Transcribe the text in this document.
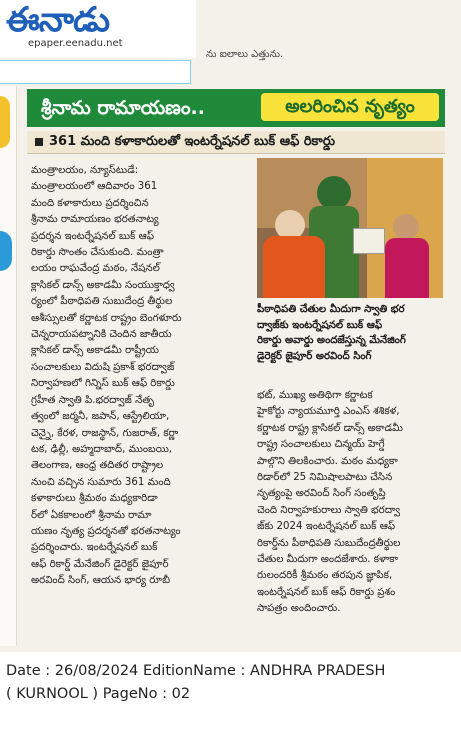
ఈనాడు
epaper.eenadu.net
ను ఐలాలు ఎత్తును.
శ్రీనామ రామాయణం..	అలరించిన నృత్యం
361 మంది కళాకారులతో ఇంటర్నేషనల్ బుక్ ఆఫ్ రికార్డు

మంత్రాలయం, న్యూస్‌టుడే:

మంత్రాలయంలో ఆదివారం 361

మంది కళాకారులు ప్రదర్శించిన

శ్రీనామ రామాయణం భరతనాట్య

ప్రదర్శన ఇంటర్నేషనల్ బుక్ ఆఫ్

రికార్డు సొంతం చేసుకుంది. మంత్రా

లయం రాఘవేంద్ర మఠం, నేషనల్

క్లాసికల్ డాన్స్ అకాడమీ సంయుక్తాధ్వ

ర్యంలో పీఠాధిపతి సుబుదేంద్ర తీర్థుల

ఆశీస్సులతో కర్ణాటక రాష్ట్రం బెంగళూరు

చెన్నరాయపట్నానికి చెందిన జాతీయ

క్లాసికల్ డాన్స్ అకాడమీ రాష్ట్రీయ

సంచాలకులు విదుషి ప్రకాశ్ భరద్వాజ్

నిర్వాహణలో గిన్నిస్ బుక్ ఆఫ్ రికార్డు

గ్రహీత స్వాతి పి.భరద్వాజ్ నేతృ

త్వంలో జర్మనీ, జపాన్, ఆస్ట్రేలియా,

చెన్నై, కేరళ, రాజస్థాన్, గుజరాత్, కర్ణా

టక, ఢిల్లీ, అహ్మదాబాద్, ముంబయి,

తెలంగాణ, ఆంధ్ర తదితర రాష్ట్రాల

నుంచి వచ్చిన సుమారు 361 మంది

కళాకారులు శ్రీమఠం మధ్యకారిడా

ర్‌లో ఏకకాలంలో శ్రీనామ రామా

యణం నృత్య ప్రదర్శనతో భరతనాట్యం

ప్రదర్శించారు. ఇంటర్నేషనల్ బుక్

ఆఫ్ రికార్డ్ మేనేజింగ్ డైరెక్టర్ జైపూర్

అరవింద్ సింగ్, ఆయన భార్య రూబీ

పీఠాధిపతి చేతుల మీదుగా స్వాతి భర

ద్వాజ్‌కు ఇంటర్నేషనల్ బుక్ ఆఫ్

రికార్డు అవార్డు అందజేస్తున్న మేనేజింగ్

డైరెక్టర్ జైపూర్ అరవింద్ సింగ్

భట్, ముఖ్య అతిథిగా కర్ణాటక

హైకోర్టు న్యాయమూర్తి ఎంఎస్ శశికళ,

కర్ణాటక రాష్ట్ర క్లాసికల్ డాన్స్ అకాడమీ

రాష్ట్ర సంచాలకులు చిన్మయ్ హెగ్డే

పాల్గొని తిలకించారు. మఠం మధ్యకా

రిడార్‌లో 25 నిమిషాలపాటు చేసిన

నృత్యంపై అరవింద్ సింగ్ సంతృప్తి

చెంది నిర్వాహకురాలు స్వాతి భరద్వా

జ్‌కు 2024 ఇంటర్నేషనల్ బుక్ ఆఫ్

రికార్డ్‌ను పీఠాధిపతి సుబుదేంద్రతీర్థుల

చేతుల మీదుగా అందజేశారు. కళాకా

రులందరికీ శ్రీమఠం తరపున జ్ఞాపిక,

ఇంటర్నేషనల్ బుక్ ఆఫ్ రికార్డు ప్రశం

సాపత్రం అందించారు.

Date : 26/08/2024 EditionName : ANDHRA PRADESH

( KURNOOL ) PageNo : 02
